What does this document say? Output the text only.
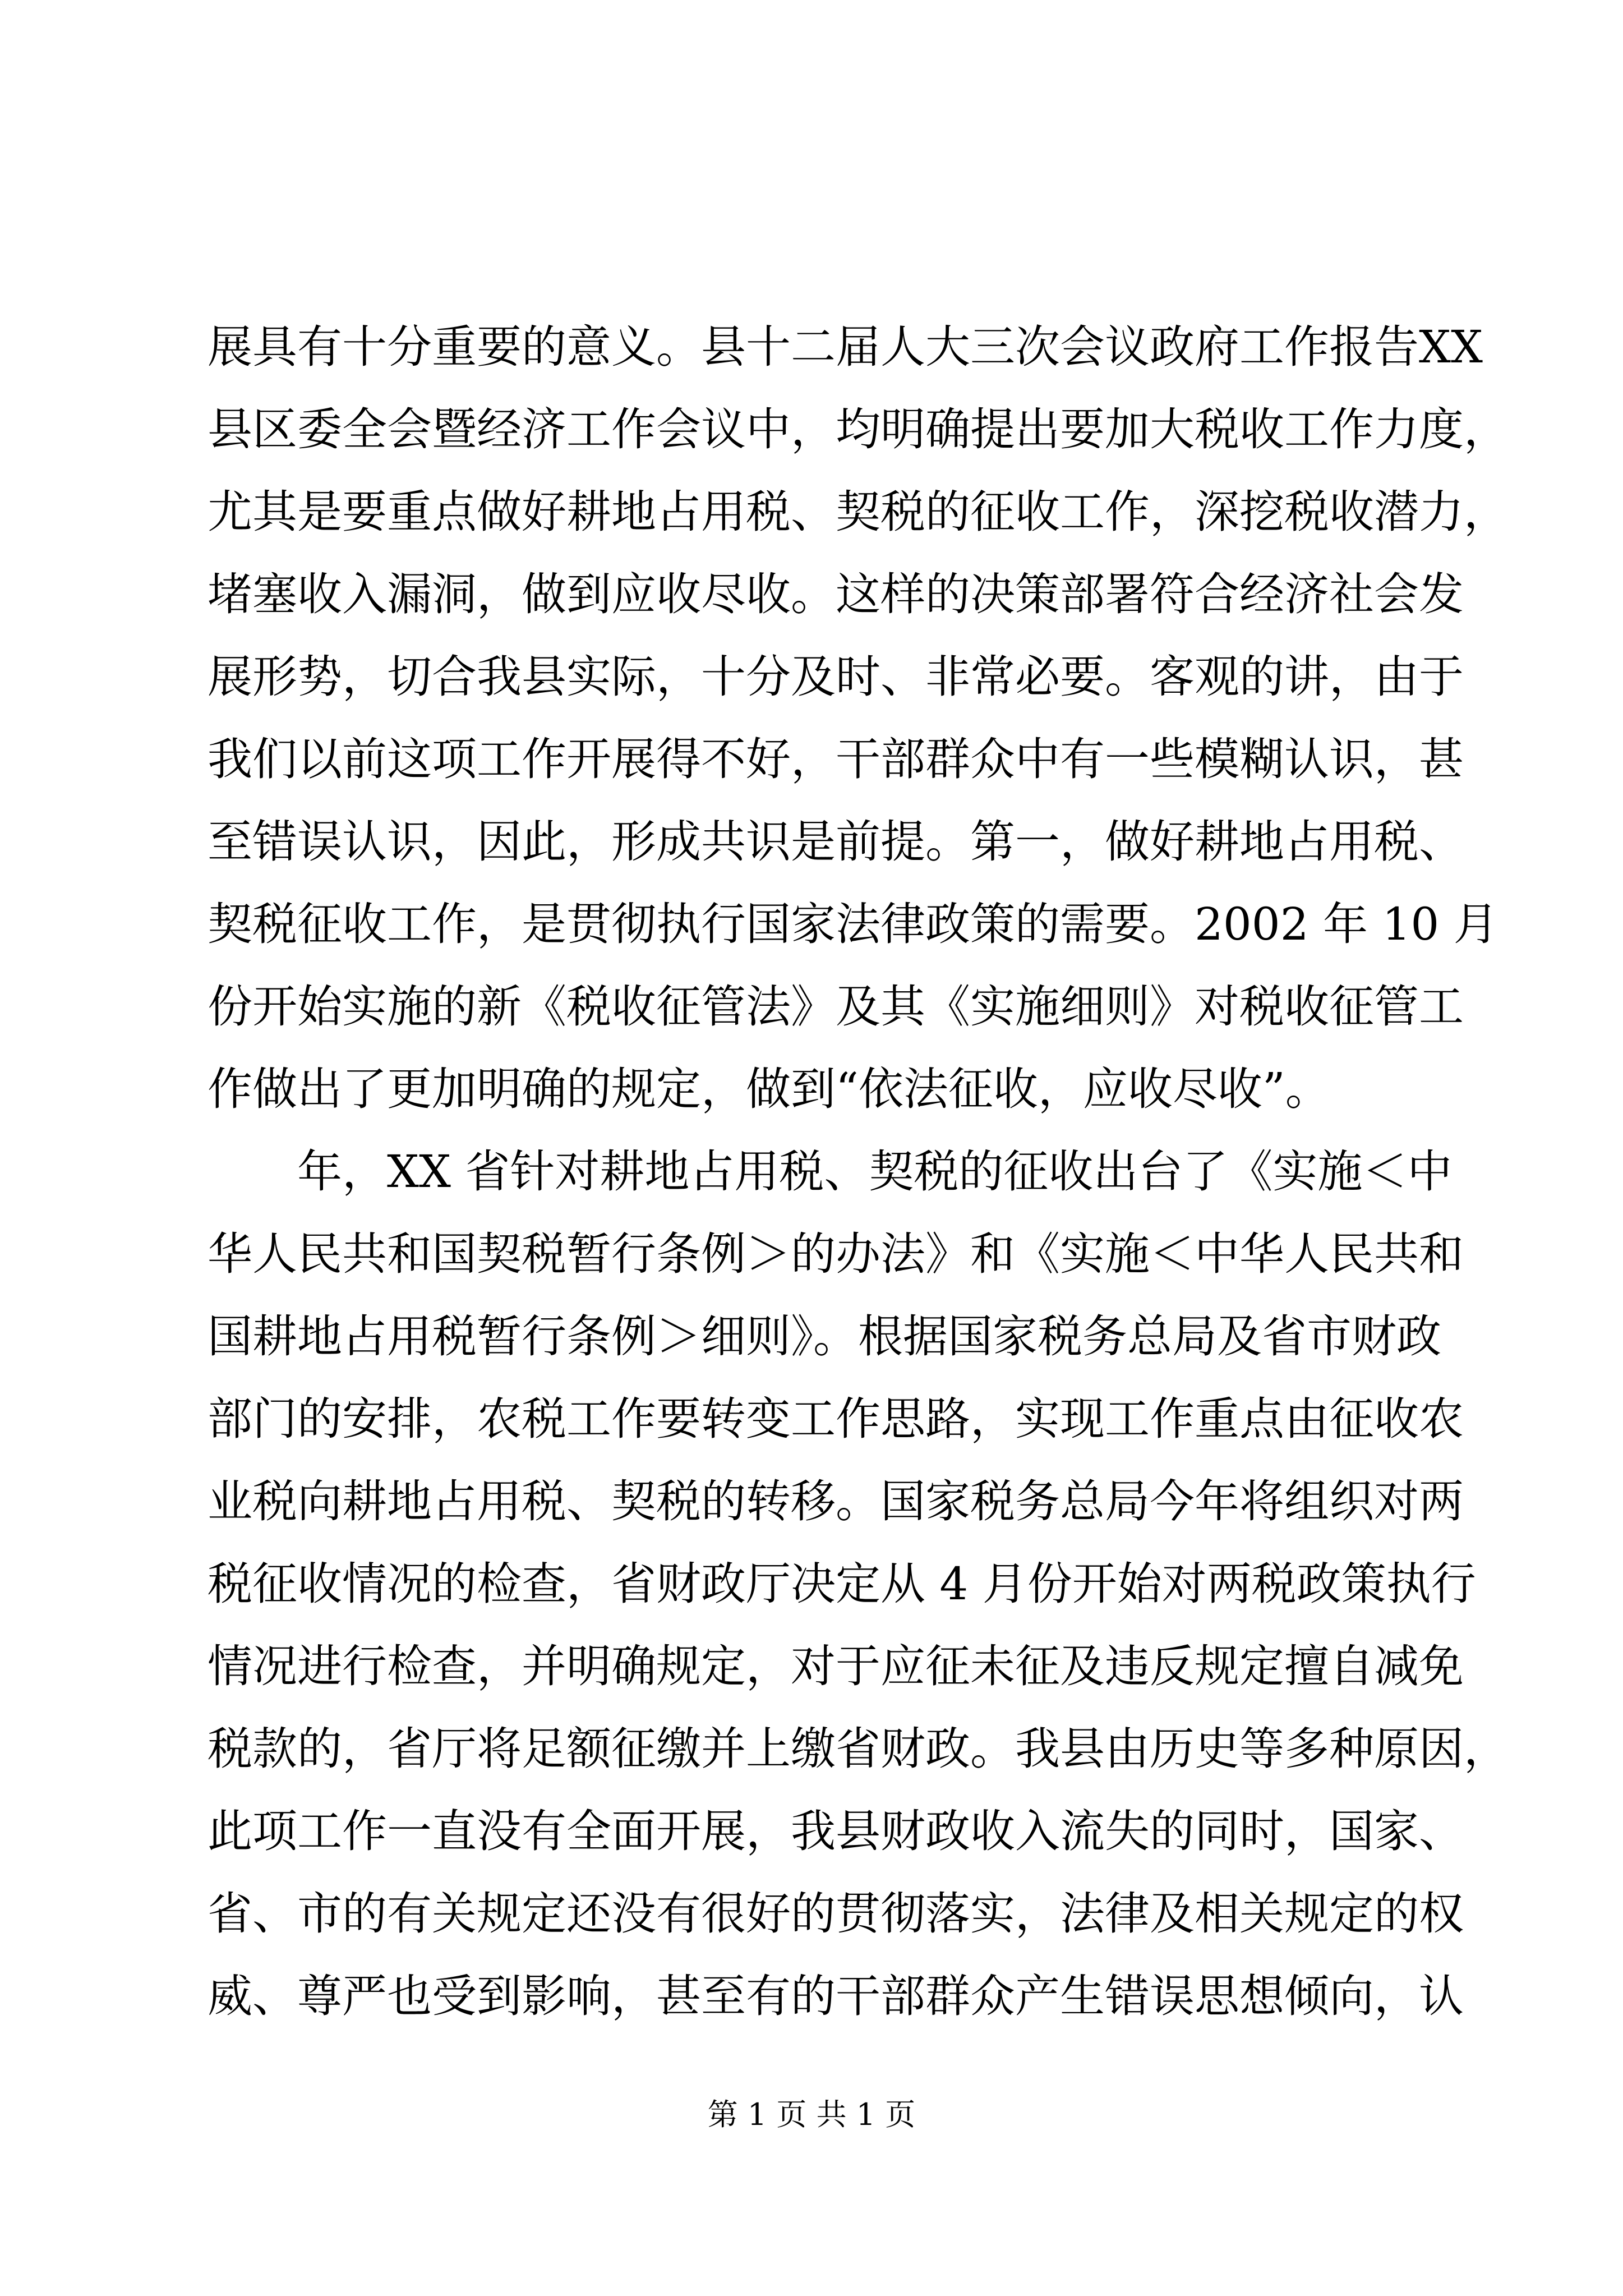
展具有十分重要的意义。县十二届人大三次会议政府工作报告XX
县区委全会暨经济工作会议中，均明确提出要加大税收工作力度，
尤其是要重点做好耕地占用税、契税的征收工作，深挖税收潜力，
堵塞收入漏洞，做到应收尽收。这样的决策部署符合经济社会发
展形势，切合我县实际，十分及时、非常必要。客观的讲，由于
我们以前这项工作开展得不好，干部群众中有一些模糊认识，甚
至错误认识，因此，形成共识是前提。第一，做好耕地占用税、
契税征收工作，是贯彻执行国家法律政策的需要。2002 年 10 月
份开始实施的新《税收征管法》及其《实施细则》对税收征管工
作做出了更加明确的规定，做到“依法征收，应收尽收”。
年，XX 省针对耕地占用税、契税的征收出台了《实施＜中
华人民共和国契税暂行条例＞的办法》和《实施＜中华人民共和
国耕地占用税暂行条例＞细则》。根据国家税务总局及省市财政
部门的安排，农税工作要转变工作思路，实现工作重点由征收农
业税向耕地占用税、契税的转移。国家税务总局今年将组织对两
税征收情况的检查，省财政厅决定从 4 月份开始对两税政策执行
情况进行检查，并明确规定，对于应征未征及违反规定擅自减免
税款的，省厅将足额征缴并上缴省财政。我县由历史等多种原因，
此项工作一直没有全面开展，我县财政收入流失的同时，国家、
省、市的有关规定还没有很好的贯彻落实，法律及相关规定的权
威、尊严也受到影响，甚至有的干部群众产生错误思想倾向，认
第 1 页 共 1 页
